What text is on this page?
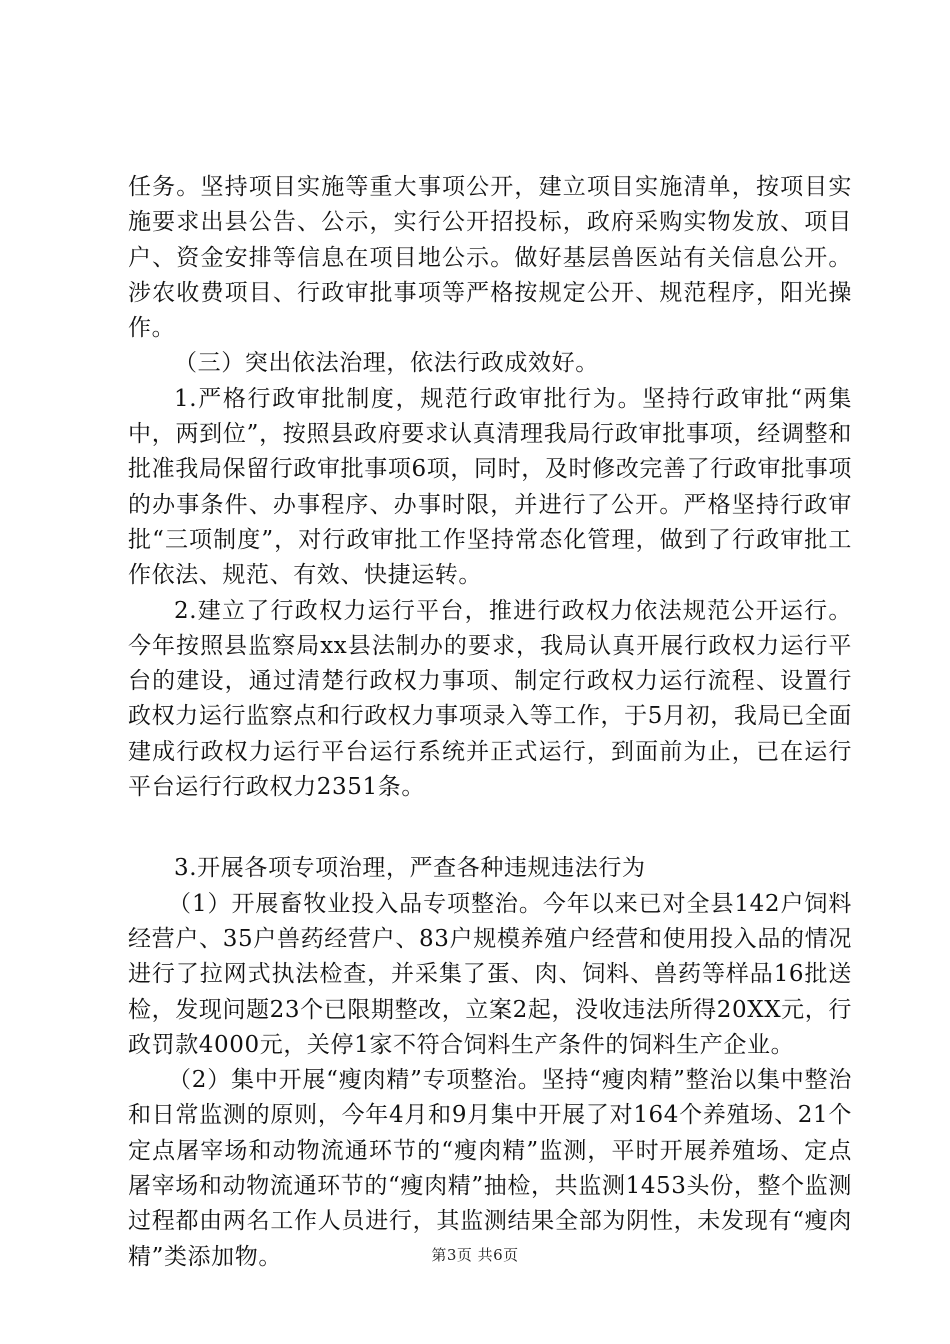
任务。坚持项目实施等重大事项公开，建立项目实施清单，按项目实施要求出县公告、公示，实行公开招投标，政府采购实物发放、项目户、资金安排等信息在项目地公示。做好基层兽医站有关信息公开。涉农收费项目、行政审批事项等严格按规定公开、规范程序，阳光操作。

（三）突出依法治理，依法行政成效好。

1.严格行政审批制度，规范行政审批行为。坚持行政审批“两集中，两到位”，按照县政府要求认真清理我局行政审批事项，经调整和批准我局保留行政审批事项6项，同时，及时修改完善了行政审批事项的办事条件、办事程序、办事时限，并进行了公开。严格坚持行政审批“三项制度”，对行政审批工作坚持常态化管理，做到了行政审批工作依法、规范、有效、快捷运转。

2.建立了行政权力运行平台，推进行政权力依法规范公开运行。今年按照县监察局xx县法制办的要求，我局认真开展行政权力运行平台的建设，通过清楚行政权力事项、制定行政权力运行流程、设置行政权力运行监察点和行政权力事项录入等工作，于5月初，我局已全面建成行政权力运行平台运行系统并正式运行，到面前为止，已在运行平台运行行政权力2351条。

3.开展各项专项治理，严查各种违规违法行为

（1）开展畜牧业投入品专项整治。今年以来已对全县142户饲料经营户、35户兽药经营户、83户规模养殖户经营和使用投入品的情况进行了拉网式执法检查，并采集了蛋、肉、饲料、兽药等样品16批送检，发现问题23个已限期整改，立案2起，没收违法所得20XX元，行政罚款4000元，关停1家不符合饲料生产条件的饲料生产企业。

（2）集中开展“瘦肉精”专项整治。坚持“瘦肉精”整治以集中整治和日常监测的原则，今年4月和9月集中开展了对164个养殖场、21个定点屠宰场和动物流通环节的“瘦肉精”监测，平时开展养殖场、定点屠宰场和动物流通环节的“瘦肉精”抽检，共监测1453头份，整个监测过程都由两名工作人员进行，其监测结果全部为阴性，未发现有“瘦肉精”类添加物。	第3页 共6页
